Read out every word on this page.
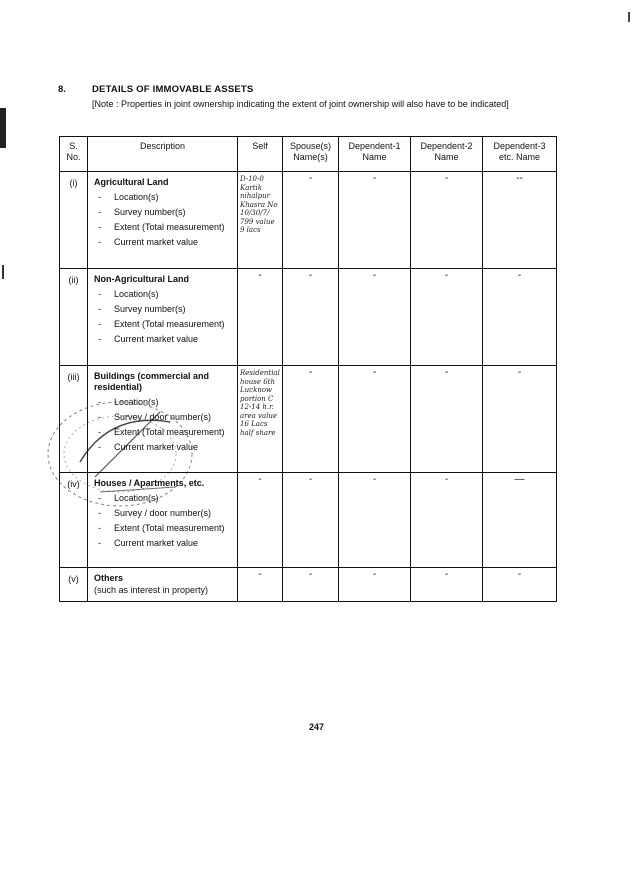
8.	DETAILS OF IMMOVABLE ASSETS
[Note : Properties in joint ownership indicating the extent of joint ownership will also have to be indicated]
S. No.	Description	Self	Spouse(s) Name(s)	Dependent-1 Name	Dependent-2 Name	Dependent-3 etc. Name
(i)	Agricultural Land
- Location(s)
- Survey number(s)
- Extent (Total measurement)
- Current market value	D-10-0 Kartik nihalpur Khasra No 10/30/7/ 799 value 9 lacs	-	-	-	--
(ii)	Non-Agricultural Land
- Location(s)
- Survey number(s)
- Extent (Total measurement)
- Current market value	-	-	-	-	-
(iii)	Buildings (commercial and residential)
- Location(s)
- Survey / door number(s)
- Extent (Total measurement)
- Current market value	Residential house 6th Lucknow portion C 12-14 h.r. area value 16 Lacs half share	-	-	-	-
(iv)	Houses / Apartments, etc.
- Location(s)
- Survey / door number(s)
- Extent (Total measurement)
- Current market value	-	-	-	-	—
(v)	Others
(such as interest in property)	-	-	-	-	-
247
